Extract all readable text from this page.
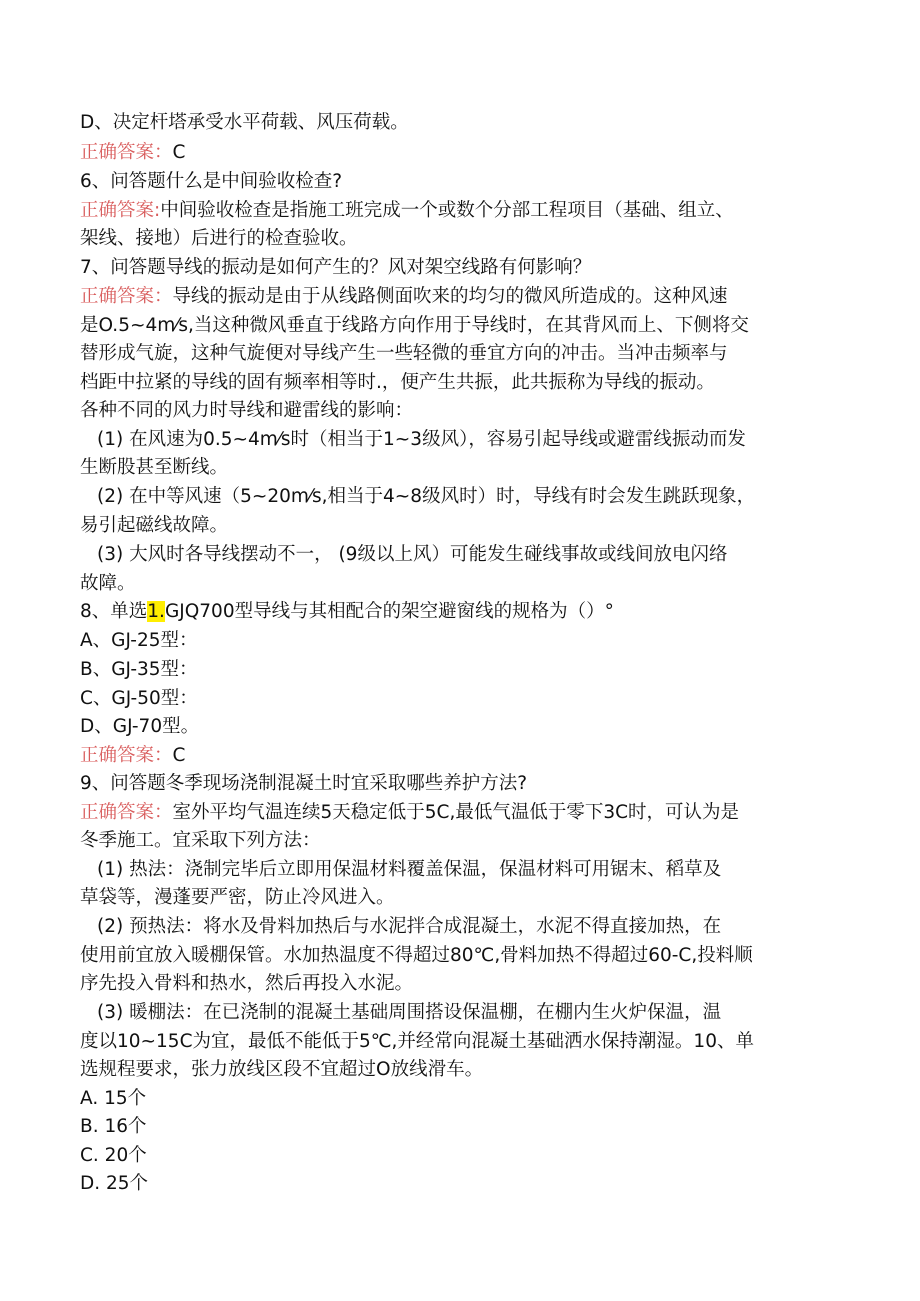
D、决定杆塔承受水平荷载、风压荷载。

正确答案：C

6、问答题什么是中间验收检查?

正确答案:中间验收检查是指施工班完成一个或数个分部工程项目（基础、组立、

架线、接地）后进行的检查验收。

7、问答题导线的振动是如何产生的？风对架空线路有何影响？

正确答案：导线的振动是由于从线路侧面吹来的均匀的微风所造成的。这种风速

是O.5~4m⁄s,当这种微风垂直于线路方向作用于导线时，在其背风而上、下侧将交

替形成气旋，这种气旋便对导线产生一些轻微的垂宜方向的冲击。当冲击频率与

档距中拉紧的导线的固有频率相等时.，便产生共振，此共振称为导线的振动。

各种不同的风力时导线和避雷线的影响：

(1) 在风速为0.5~4m⁄s时（相当于1~3级风），容易引起导线或避雷线振动而发

生断股甚至断线。

(2) 在中等风速（5~20m⁄s,相当于4~8级风时）时，导线有时会发生跳跃现象，

易引起磁线故障。

(3) 大风时各导线摆动不一， (9级以上风）可能发生碰线事故或线间放电闪络

故障。

8、单选1.GJQ700型导线与其相配合的架空避窗线的规格为（）°

A、GJ-25型：

B、GJ-35型：

C、GJ-50型：

D、GJ-70型。

正确答案：C

9、问答题冬季现场浇制混凝土时宜采取哪些养护方法?

正确答案：室外平均气温连续5天稳定低于5C,最低气温低于零下3C时，可认为是

冬季施工。宜采取下列方法：

(1) 热法：浇制完毕后立即用保温材料覆盖保温，保温材料可用锯末、稻草及

草袋等，漫蓬要严密，防止冷风进入。

(2) 预热法：将水及骨料加热后与水泥拌合成混凝土，水泥不得直接加热，在

使用前宜放入暖棚保管。水加热温度不得超过80℃,骨料加热不得超过60-C,投料顺

序先投入骨料和热水，然后再投入水泥。

(3) 暖棚法：在已浇制的混凝土基础周围搭设保温棚，在棚内生火炉保温，温

度以10~15C为宜，最低不能低于5℃,并经常向混凝土基础洒水保持潮湿。10、单

选规程要求，张力放线区段不宜超过O放线滑车。

A. 15个

B. 16个

C. 20个

D. 25个
